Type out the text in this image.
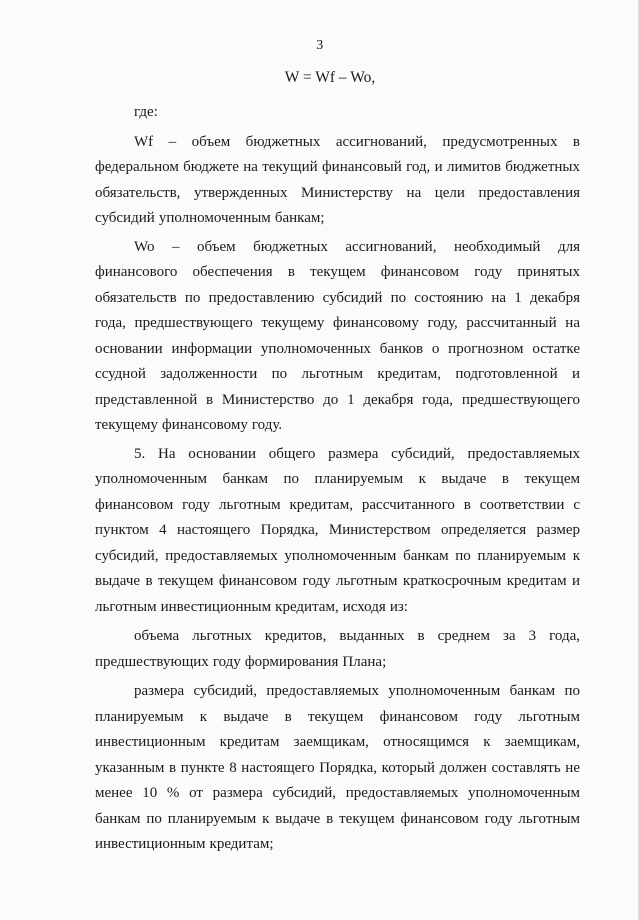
3
W = Wf – Wo,

где:

Wf – объем бюджетных ассигнований, предусмотренных в федеральном бюджете на текущий финансовый год, и лимитов бюджетных обязательств, утвержденных Министерству на цели предоставления субсидий уполномоченным банкам;

Wo – объем бюджетных ассигнований, необходимый для финансового обеспечения в текущем финансовом году принятых обязательств по предоставлению субсидий по состоянию на 1 декабря года, предшествующего текущему финансовому году, рассчитанный на основании информации уполномоченных банков о прогнозном остатке ссудной задолженности по льготным кредитам, подготовленной и представленной в Министерство до 1 декабря года, предшествующего текущему финансовому году.

5. На основании общего размера субсидий, предоставляемых уполномоченным банкам по планируемым к выдаче в текущем финансовом году льготным кредитам, рассчитанного в соответствии с пунктом 4 настоящего Порядка, Министерством определяется размер субсидий, предоставляемых уполномоченным банкам по планируемым к выдаче в текущем финансовом году льготным краткосрочным кредитам и льготным инвестиционным кредитам, исходя из:

объема льготных кредитов, выданных в среднем за 3 года, предшествующих году формирования Плана;

размера субсидий, предоставляемых уполномоченным банкам по планируемым к выдаче в текущем финансовом году льготным инвестиционным кредитам заемщикам, относящимся к заемщикам, указанным в пункте 8 настоящего Порядка, который должен составлять не менее 10 % от размера субсидий, предоставляемых уполномоченным банкам по планируемым к выдаче в текущем финансовом году льготным инвестиционным кредитам;
